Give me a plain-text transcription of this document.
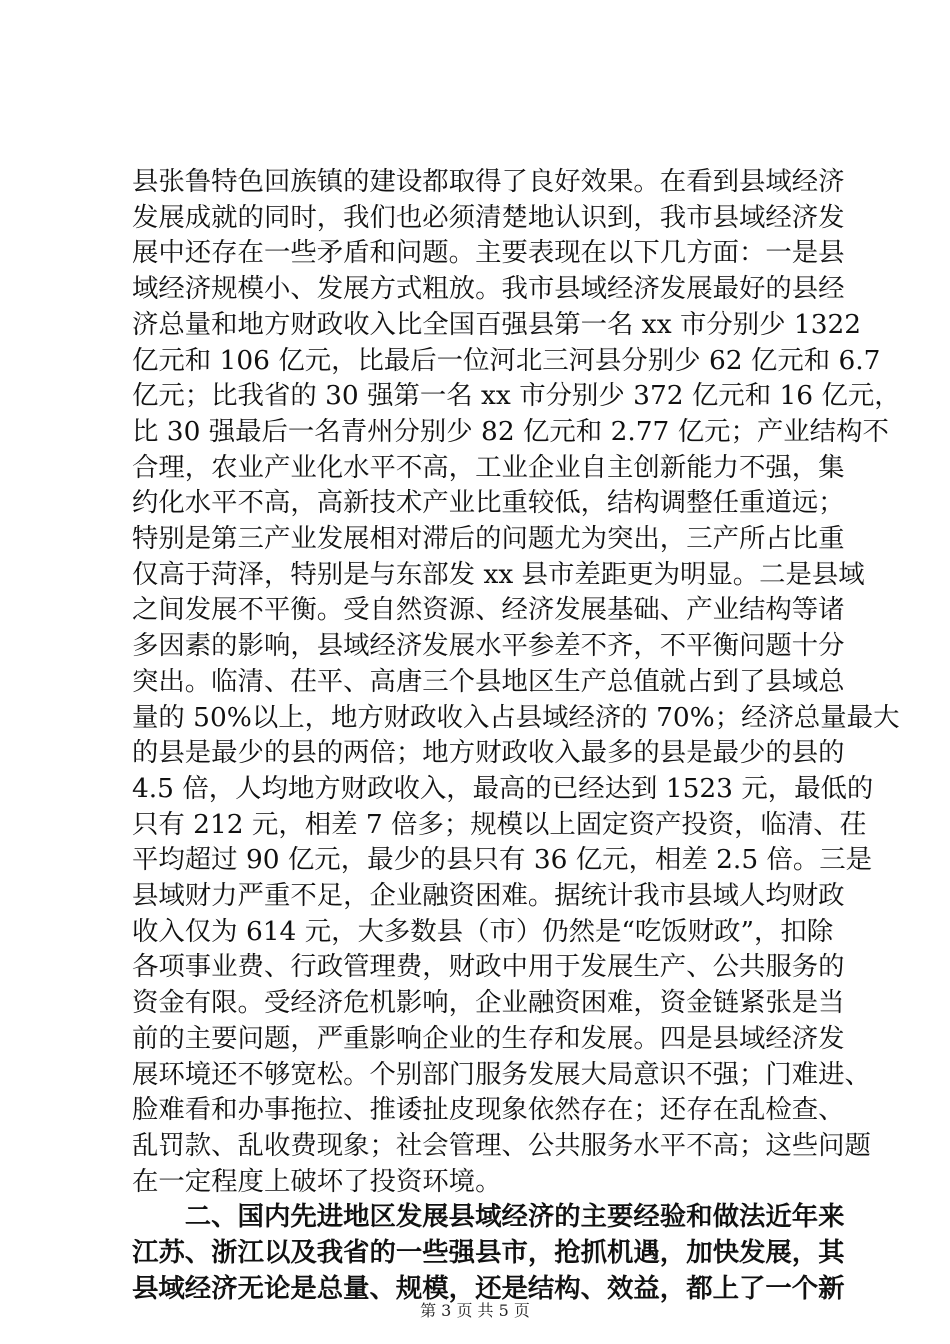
县张鲁特色回族镇的建设都取得了良好效果。在看到县域经济
发展成就的同时，我们也必须清楚地认识到，我市县域经济发
展中还存在一些矛盾和问题。主要表现在以下几方面：一是县
域经济规模小、发展方式粗放。我市县域经济发展最好的县经
济总量和地方财政收入比全国百强县第一名 xx 市分别少 1322
亿元和 106 亿元，比最后一位河北三河县分别少 62 亿元和 6.7
亿元；比我省的 30 强第一名 xx 市分别少 372 亿元和 16 亿元，
比 30 强最后一名青州分别少 82 亿元和 2.77 亿元；产业结构不
合理，农业产业化水平不高，工业企业自主创新能力不强，集
约化水平不高，高新技术产业比重较低，结构调整任重道远；
特别是第三产业发展相对滞后的问题尤为突出，三产所占比重
仅高于菏泽，特别是与东部发 xx 县市差距更为明显。二是县域
之间发展不平衡。受自然资源、经济发展基础、产业结构等诸
多因素的影响，县域经济发展水平参差不齐，不平衡问题十分
突出。临清、茌平、高唐三个县地区生产总值就占到了县域总
量的 50%以上，地方财政收入占县域经济的 70%；经济总量最大
的县是最少的县的两倍；地方财政收入最多的县是最少的县的
4.5 倍，人均地方财政收入，最高的已经达到 1523 元，最低的
只有 212 元，相差 7 倍多；规模以上固定资产投资，临清、茌
平均超过 90 亿元，最少的县只有 36 亿元，相差 2.5 倍。三是
县域财力严重不足，企业融资困难。据统计我市县域人均财政
收入仅为 614 元，大多数县（市）仍然是“吃饭财政”，扣除
各项事业费、行政管理费，财政中用于发展生产、公共服务的
资金有限。受经济危机影响，企业融资困难，资金链紧张是当
前的主要问题，严重影响企业的生存和发展。四是县域经济发
展环境还不够宽松。个别部门服务发展大局意识不强；门难进、
脸难看和办事拖拉、推诿扯皮现象依然存在；还存在乱检查、
乱罚款、乱收费现象；社会管理、公共服务水平不高；这些问题
在一定程度上破坏了投资环境。
　　二、国内先进地区发展县域经济的主要经验和做法近年来
江苏、浙江以及我省的一些强县市，抢抓机遇，加快发展，其
县域经济无论是总量、规模，还是结构、效益，都上了一个新
第 3 页 共 5 页
